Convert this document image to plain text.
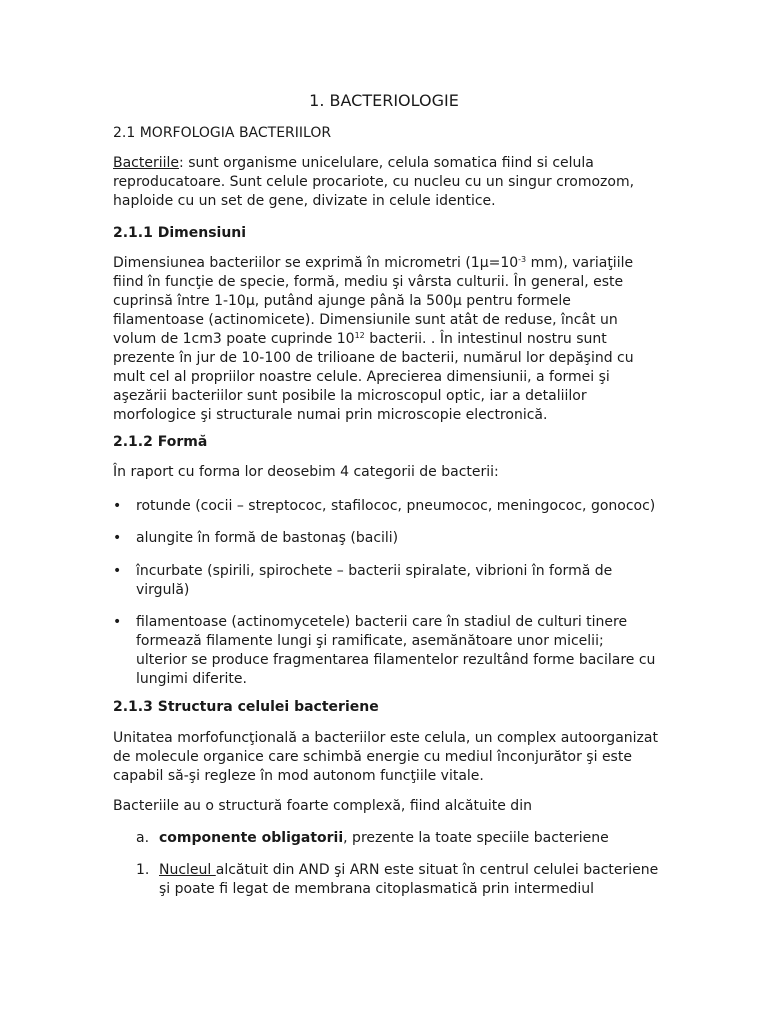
1. BACTERIOLOGIE

2.1 MORFOLOGIA BACTERIILOR

Bacteriile: sunt organisme unicelulare, celula somatica fiind si celula reproducatoare. Sunt celule procariote, cu nucleu cu un singur cromozom, haploide cu un set de gene, divizate in celule identice.

2.1.1 Dimensiuni

Dimensiunea bacteriilor se exprimă în micrometri ($1\mu=10^{-3}$ mm), variaţiile fiind în funcţie de specie, formă, mediu şi vârsta culturii. În general, este cuprinsă între 1-10µ, putând ajunge până la 500µ pentru formele filamentoase (actinomicete). Dimensiunile sunt atât de reduse, încât un volum de 1cm3 poate cuprinde $10^{12}$ bacterii. . În intestinul nostru sunt prezente în jur de 10-100 de trilioane de bacterii, numărul lor depăşind cu mult cel al propriilor noastre celule. Aprecierea dimensiunii, a formei şi aşezării bacteriilor sunt posibile la microscopul optic, iar a detaliilor morfologice şi structurale numai prin microscopie electronică.

2.1.2 Formă

În raport cu forma lor deosebim 4 categorii de bacterii:

• rotunde (cocii – streptococ, stafilococ, pneumococ, meningococ, gonococ)

• alungite în formă de bastonaş (bacili)

• încurbate (spirili, spirochete – bacterii spiralate, vibrioni în formă de virgulă)

• filamentoase (actinomycetele) bacterii care în stadiul de culturi tinere formează filamente lungi şi ramificate, asemănătoare unor micelii; ulterior se produce fragmentarea filamentelor rezultând forme bacilare cu lungimi diferite.

2.1.3 Structura celulei bacteriene

Unitatea morfofuncţională a bacteriilor este celula, un complex autoorganizat de molecule organice care schimbă energie cu mediul înconjurător şi este capabil să-şi regleze în mod autonom funcţiile vitale.

Bacteriile au o structură foarte complexă, fiind alcătuite din

a. componente obligatorii, prezente la toate speciile bacteriene

1. Nucleul alcătuit din AND şi ARN este situat în centrul celulei bacteriene şi poate fi legat de membrana citoplasmatică prin intermediul
